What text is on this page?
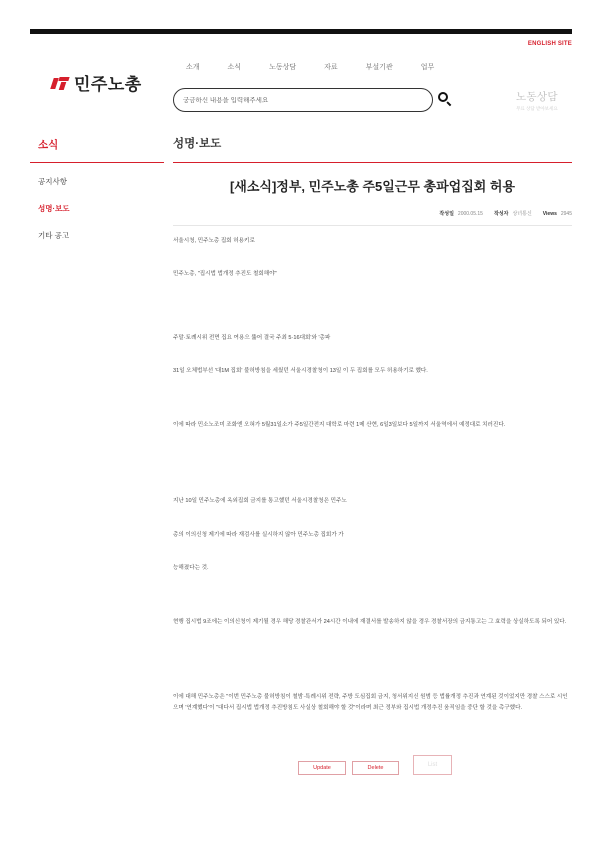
ENGLISH SITE
민주노총
소개	소식	노동상담	자료	부설기관	업무
궁금하신 내용을 입력해주세요
노동상담
무료 상담 받아보세요
소식
공지사항
성명·보도
기타 공고
성명·보도
[새소식]정부, 민주노총 주5일근무 총파업집회 허용
작성일 2000.05.15 작성자 상녀통신 Views 2945

서울시청, 민주노총 집회 허용키로

민주노총, "집시법 법개정 추진도 철회해야"

주말·토례시위 전면 집요 여용으 뚫어 결국 주최 5·16대회'와 '총파

31일 오체법부선 '대1M 집회' 불허방침을 세웠던 서울시경찰청이 13일 이 두 집회를 모두 허용하기로 했다.

이에 따라 민소노조미 조화엔 오혀가 5월31일소가 주5일간전지 대학로 마련 1메 산현, 6일3일보다 5일까지 서울역에서 예정대로 치러진다.

지난 10일 민주노총에 옥외집회 금지를 통고했던 서울시경찰청은 민주노

총의 이의신청 제기에 따라 재검사를 실시하지 않아 민주노총 집회가 가

능해졌다는 것.

현행 집시법 9조에는 이의신청이 제기될 경우 해당 경찰관서가 24시간 이내에 재결서를 발송하지 않을 경우 경찰서장의 금지통고는 그 효력을 상실하도록 되어 있다.

이에 대해 민주노총은 "이번 민주노총 불허방침이 철밤·특례시위 전략, 주방 도심집회 금지, 청서위지신 원범 등 법률개정 추진과 연계된 것이었지만 경찰 스스로 시인으며 '연계했다'이 "대다서 집시법 법개정 추진방침도 사실상 철회해야 할 것"이라며 최근 정부와 집시법 개정추진 움직임을 중단 할 것을 촉구했다.

Update	Delete	List
